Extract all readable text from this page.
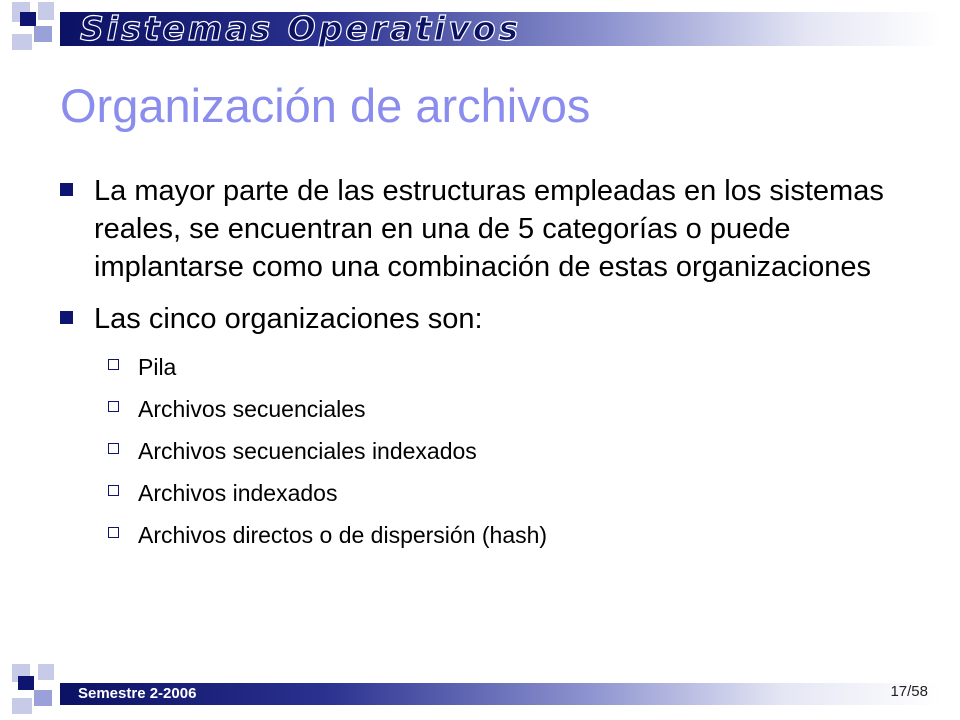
Sistemas Operativos
Organización de archivos
La mayor parte de las estructuras empleadas en los sistemas reales, se encuentran en una de 5 categorías o puede implantarse como una combinación de estas organizaciones
Las cinco organizaciones son:
Pila
Archivos secuenciales
Archivos secuenciales indexados
Archivos indexados
Archivos directos o de dispersión (hash)
Semestre 2-2006	17/58
